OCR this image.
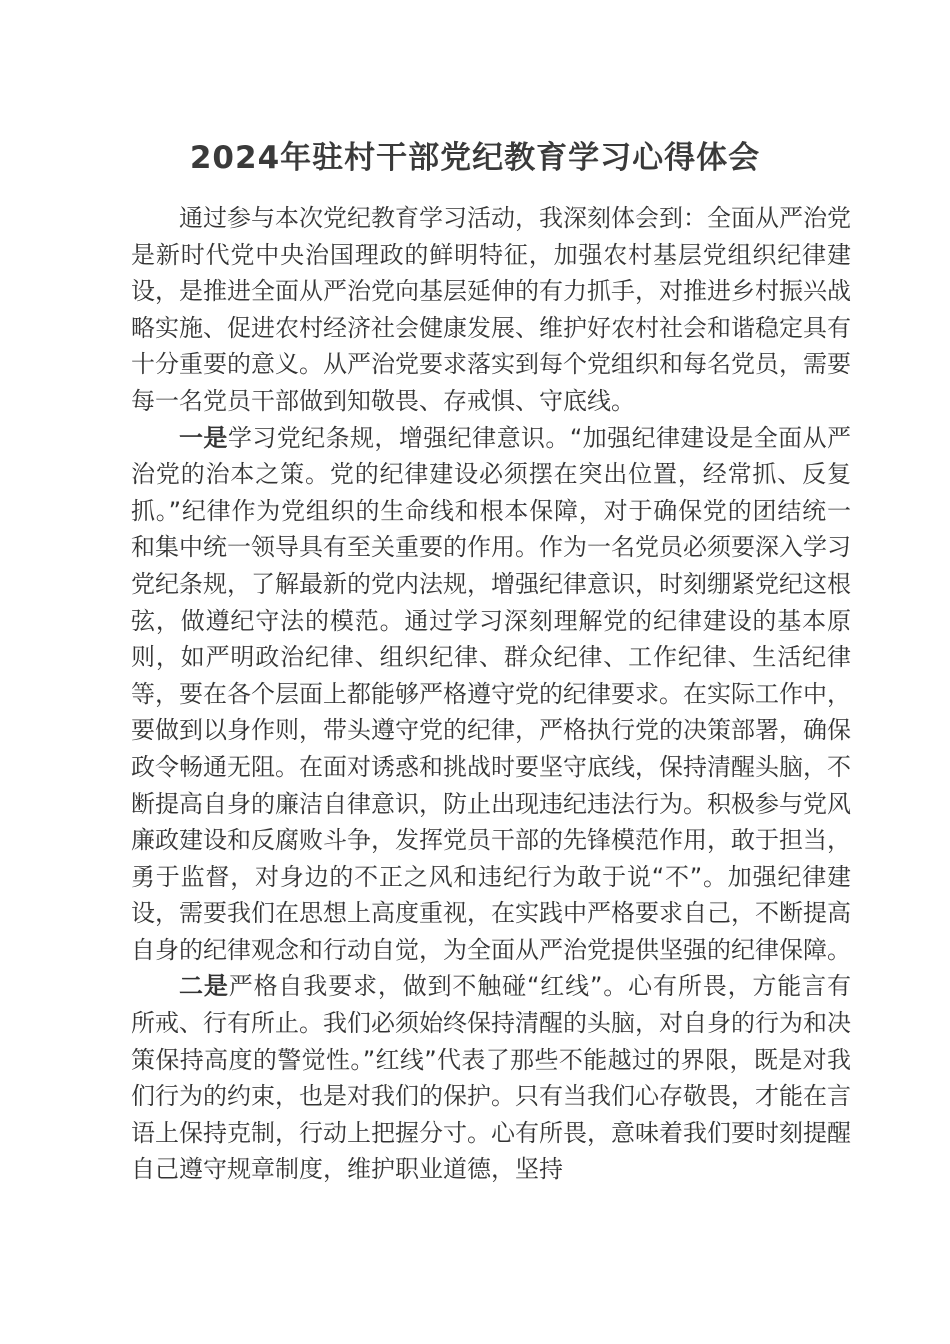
2024年驻村干部党纪教育学习心得体会

通过参与本次党纪教育学习活动，我深刻体会到：全面从严治党是新时代党中央治国理政的鲜明特征，加强农村基层党组织纪律建设，是推进全面从严治党向基层延伸的有力抓手，对推进乡村振兴战略实施、促进农村经济社会健康发展、维护好农村社会和谐稳定具有十分重要的意义。从严治党要求落实到每个党组织和每名党员，需要每一名党员干部做到知敬畏、存戒惧、守底线。

一是学习党纪条规，增强纪律意识。“加强纪律建设是全面从严治党的治本之策。党的纪律建设必须摆在突出位置，经常抓、反复抓。”纪律作为党组织的生命线和根本保障，对于确保党的团结统一和集中统一领导具有至关重要的作用。作为一名党员必须要深入学习党纪条规，了解最新的党内法规，增强纪律意识，时刻绷紧党纪这根弦，做遵纪守法的模范。通过学习深刻理解党的纪律建设的基本原则，如严明政治纪律、组织纪律、群众纪律、工作纪律、生活纪律等，要在各个层面上都能够严格遵守党的纪律要求。在实际工作中，要做到以身作则，带头遵守党的纪律，严格执行党的决策部署，确保政令畅通无阻。在面对诱惑和挑战时要坚守底线，保持清醒头脑，不断提高自身的廉洁自律意识，防止出现违纪违法行为。积极参与党风廉政建设和反腐败斗争，发挥党员干部的先锋模范作用，敢于担当，勇于监督，对身边的不正之风和违纪行为敢于说“不”。加强纪律建设，需要我们在思想上高度重视，在实践中严格要求自己，不断提高自身的纪律观念和行动自觉，为全面从严治党提供坚强的纪律保障。

二是严格自我要求，做到不触碰“红线”。心有所畏，方能言有所戒、行有所止。我们必须始终保持清醒的头脑，对自身的行为和决策保持高度的警觉性。”红线”代表了那些不能越过的界限，既是对我们行为的约束，也是对我们的保护。只有当我们心存敬畏，才能在言语上保持克制，行动上把握分寸。心有所畏，意味着我们要时刻提醒自己遵守规章制度，维护职业道德，坚持
